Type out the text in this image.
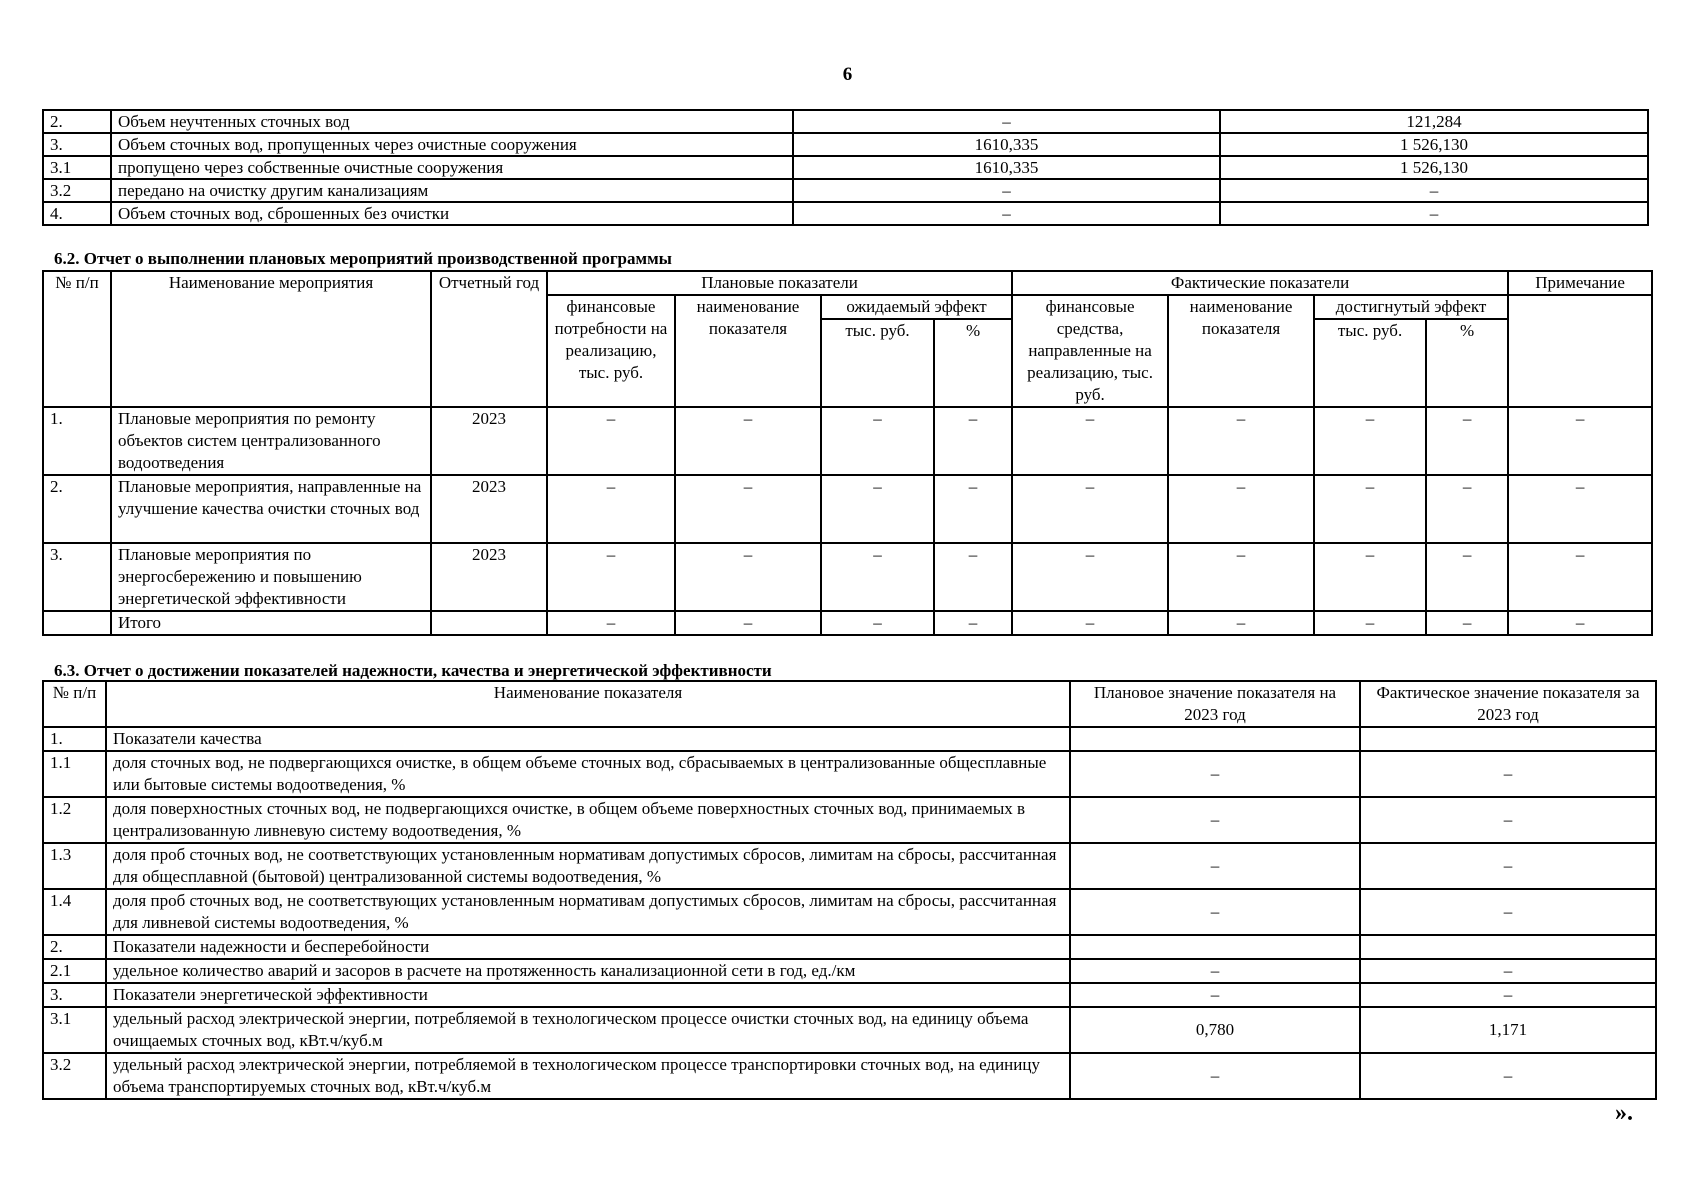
6
2.	Объем неучтенных сточных вод	–	121,284
3.	Объем сточных вод, пропущенных через очистные сооружения	1610,335	1 526,130
3.1	пропущено через собственные очистные сооружения	1610,335	1 526,130
3.2	передано на очистку другим канализациям	–	–
4.	Объем сточных вод, сброшенных без очистки	–	–
6.2. Отчет о выполнении плановых мероприятий производственной программы
№ п/п	Наименование мероприятия	Отчетный год	Плановые показатели				Фактические показатели				Примечание
			финансовые потребности на реализацию, тыс. руб.	наименование показателя	ожидаемый эффект		финансовые средства, направленные на реализацию, тыс. руб.	наименование показателя	достигнутый эффект		
					тыс. руб.	%			тыс. руб.	%	
1.	Плановые мероприятия по ремонту объектов систем централизованного водоотведения	2023	–	–	–	–	–	–	–	–	–
2.	Плановые мероприятия, направленные на улучшение качества очистки сточных вод	2023	–	–	–	–	–	–	–	–	–
3.	Плановые мероприятия по энергосбережению и повышению энергетической эффективности	2023	–	–	–	–	–	–	–	–	–
	Итого		–	–	–	–	–	–	–	–	–
6.3. Отчет о достижении показателей надежности, качества и энергетической эффективности
№ п/п	Наименование показателя	Плановое значение показателя на 2023 год	Фактическое значение показателя за 2023 год
1.	Показатели качества		
1.1	доля сточных вод, не подвергающихся очистке, в общем объеме сточных вод, сбрасываемых в централизованные общесплавные или бытовые системы водоотведения, %	–	–
1.2	доля поверхностных сточных вод, не подвергающихся очистке, в общем объеме поверхностных сточных вод, принимаемых в централизованную ливневую систему водоотведения, %	–	–
1.3	доля проб сточных вод, не соответствующих установленным нормативам допустимых сбросов, лимитам на сбросы, рассчитанная для общесплавной (бытовой) централизованной системы водоотведения, %	–	–
1.4	доля проб сточных вод, не соответствующих установленным нормативам допустимых сбросов, лимитам на сбросы, рассчитанная для ливневой системы водоотведения, %	–	–
2.	Показатели надежности и бесперебойности		
2.1	удельное количество аварий и засоров в расчете на протяженность канализационной сети в год, ед./км	–	–
3.	Показатели энергетической эффективности	–	–
3.1	удельный расход электрической энергии, потребляемой в технологическом процессе очистки сточных вод, на единицу объема очищаемых сточных вод, кВт.ч/куб.м	0,780	1,171
3.2	удельный расход электрической энергии, потребляемой в технологическом процессе транспортировки сточных вод, на единицу объема транспортируемых сточных вод, кВт.ч/куб.м	–	–
».
